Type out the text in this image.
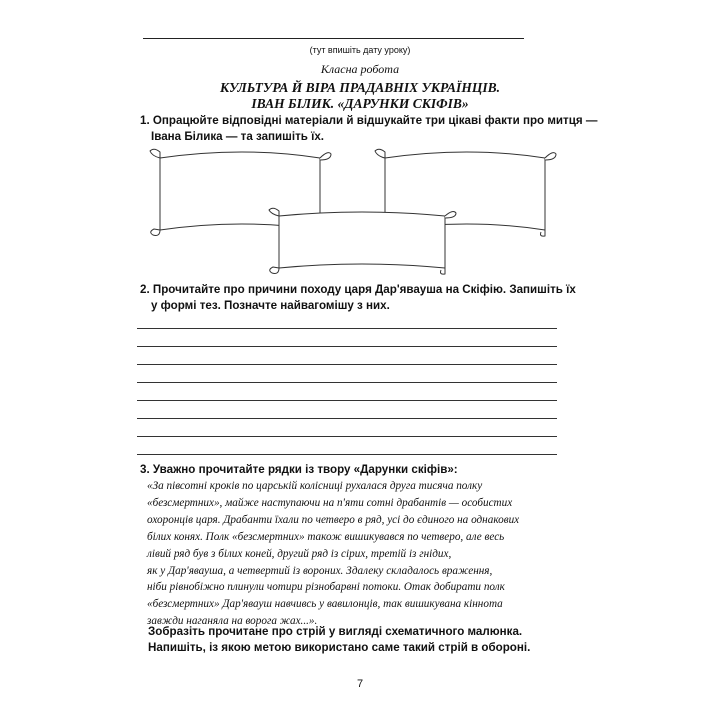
(тут впишіть дату уроку)
Класна робота
КУЛЬТУРА Й ВІРА ПРАДАВНІХ УКРАЇНЦІВ.
ІВАН БІЛИК. «ДАРУНКИ СКІФІВ»
1. Опрацюйте відповідні матеріали й відшукайте три цікаві факти про митця —
Івана Білика — та запишіть їх.
2. Прочитайте про причини походу царя Дар'явауша на Скіфію. Запишіть їх
у формі тез. Позначте найвагомішу з них.
3. Уважно прочитайте рядки із твору «Дарунки скіфів»:
«За півсотні кроків по царській колісниці рухалася друга тисяча полку
«безсмертних», майже наступаючи на п'яти сотні драбантів — особистих
охоронців царя. Драбанти їхали по четверо в ряд, усі до єдиного на однакових
білих конях. Полк «безсмертних» також вишикувався по четверо, але весь
лівий ряд був з білих коней, другий ряд із сірих, третій із гнідих,
як у Дар'явауша, а четвертий із вороних. Здалеку складалось враження,
ніби рівнобіжно плинули чотири різнобарвні потоки. Отак добирати полк
«безсмертних» Дар'явауш навчивсь у вавилонців, так вишикувана кіннота
завжди наганяла на ворога жах...».
Зобразіть прочитане про стрій у вигляді схематичного малюнка.
Напишіть, із якою метою використано саме такий стрій в обороні.
7
